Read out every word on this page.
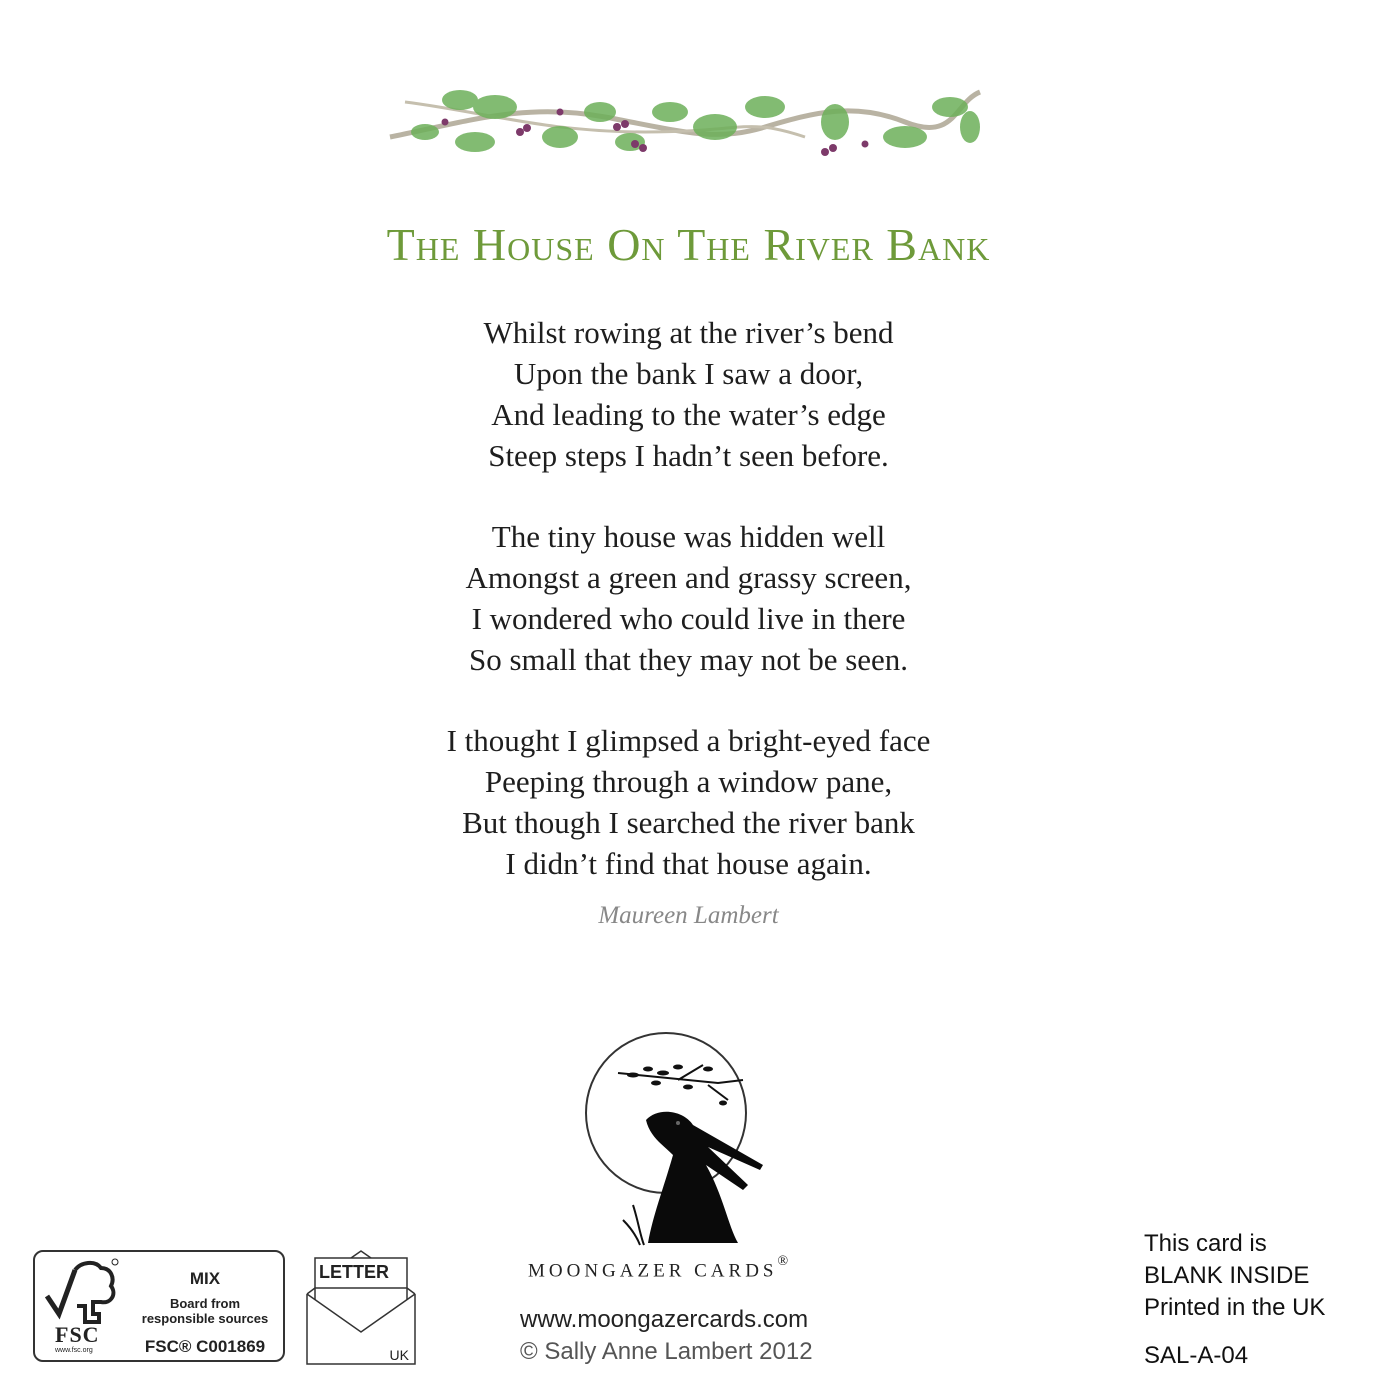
The House On The River Bank
Whilst rowing at the river’s bend
Upon the bank I saw a door,
And leading to the water’s edge
Steep steps I hadn’t seen before.
The tiny house was hidden well
Amongst a green and grassy screen,
I wondered who could live in there
So small that they may not be seen.
I thought I glimpsed a bright-eyed face
Peeping through a window pane,
But though I searched the river bank
I didn’t find that house again.
Maureen Lambert
MOONGAZER CARDS®
www.moongazercards.com
© Sally Anne Lambert 2012
FSC
www.fsc.org
MIX
Board from
responsible sources
FSC® C001869
LETTER
UK
This card is
BLANK INSIDE
Printed in the UK
SAL-A-04
